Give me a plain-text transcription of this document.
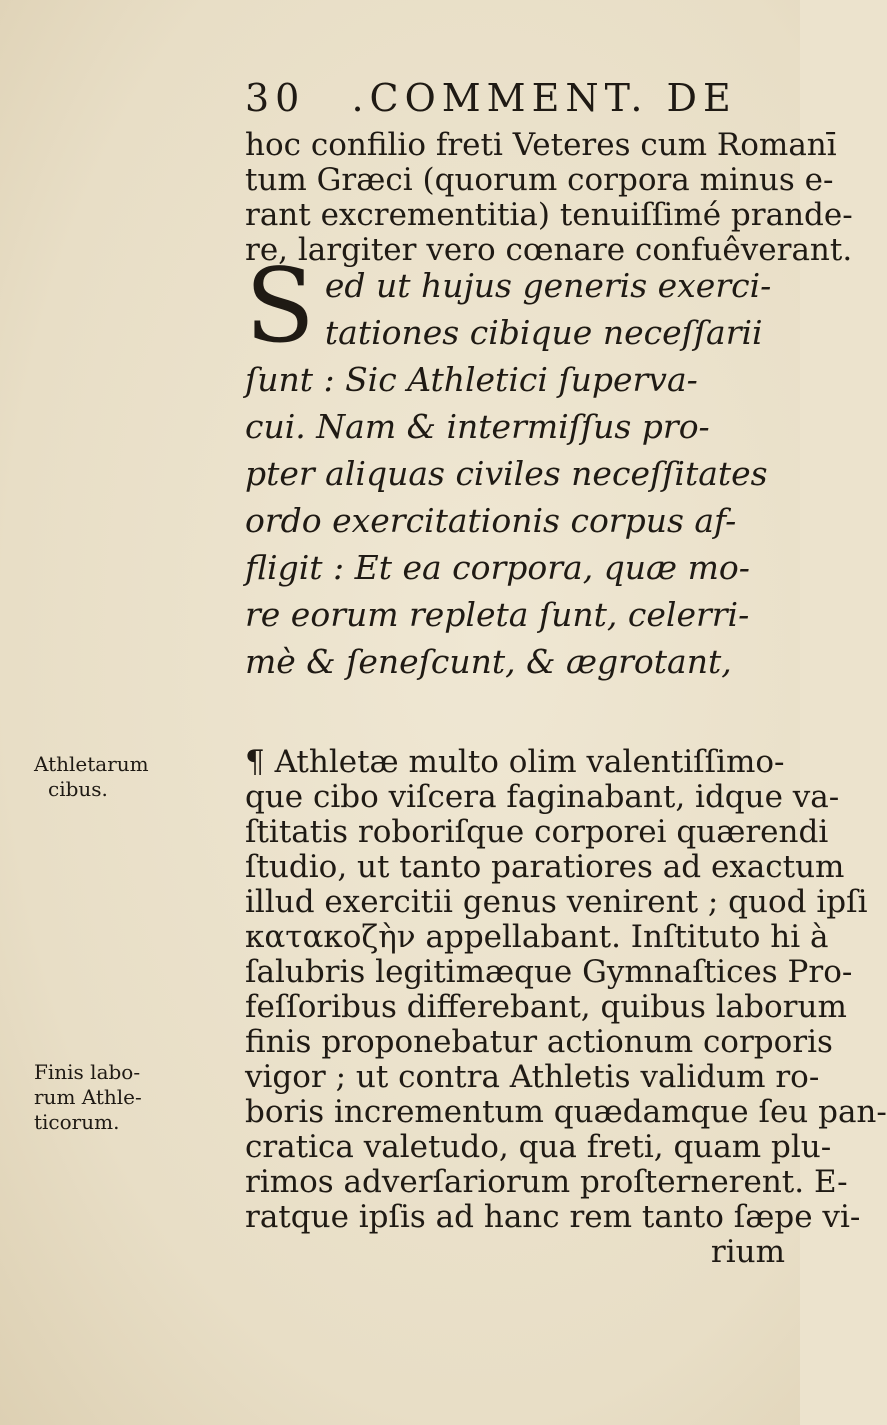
30 .COMMENT. DE
hoc confilio freti Veteres cum Romanī
tum Græci (quorum corpora minus e-
rant excrementitia) tenuiſſimé prande-
re, largiter vero cœnare confuêverant.
S ed ut hujus generis exerci-
tationes cibique neceſſarii
ſunt : Sic Athletici ſuperva-
cui. Nam & intermiſſus pro-
pter aliquas civiles neceſſitates
ordo exercitationis corpus af-
fligit : Et ea corpora, quæ mo-
re eorum repleta ſunt, celerri-
mè & ſeneſcunt, & ægrotant,
¶ Athletæ multo olim valentiſſimo-
que cibo viſcera faginabant, idque va-
ſtitatis roboriſque corporei quærendi
ſtudio, ut tanto paratiores ad exactum
illud exercitii genus venirent ; quod ipſi
κατακοζὴν appellabant. Inſtituto hi à
ſalubris legitimæque Gymnaſtices Pro-
feſſoribus differebant, quibus laborum
finis proponebatur actionum corporis
vigor ; ut contra Athletis validum ro-
boris incrementum quædamque ſeu pan-
cratica valetudo, qua freti, quam plu-
rimos adverſariorum proſternerent. E-
ratque ipſis ad hanc rem tanto ſæpe vi-
rium
Athletarum
cibus.
Finis labo-
rum Athle-
ticorum.
